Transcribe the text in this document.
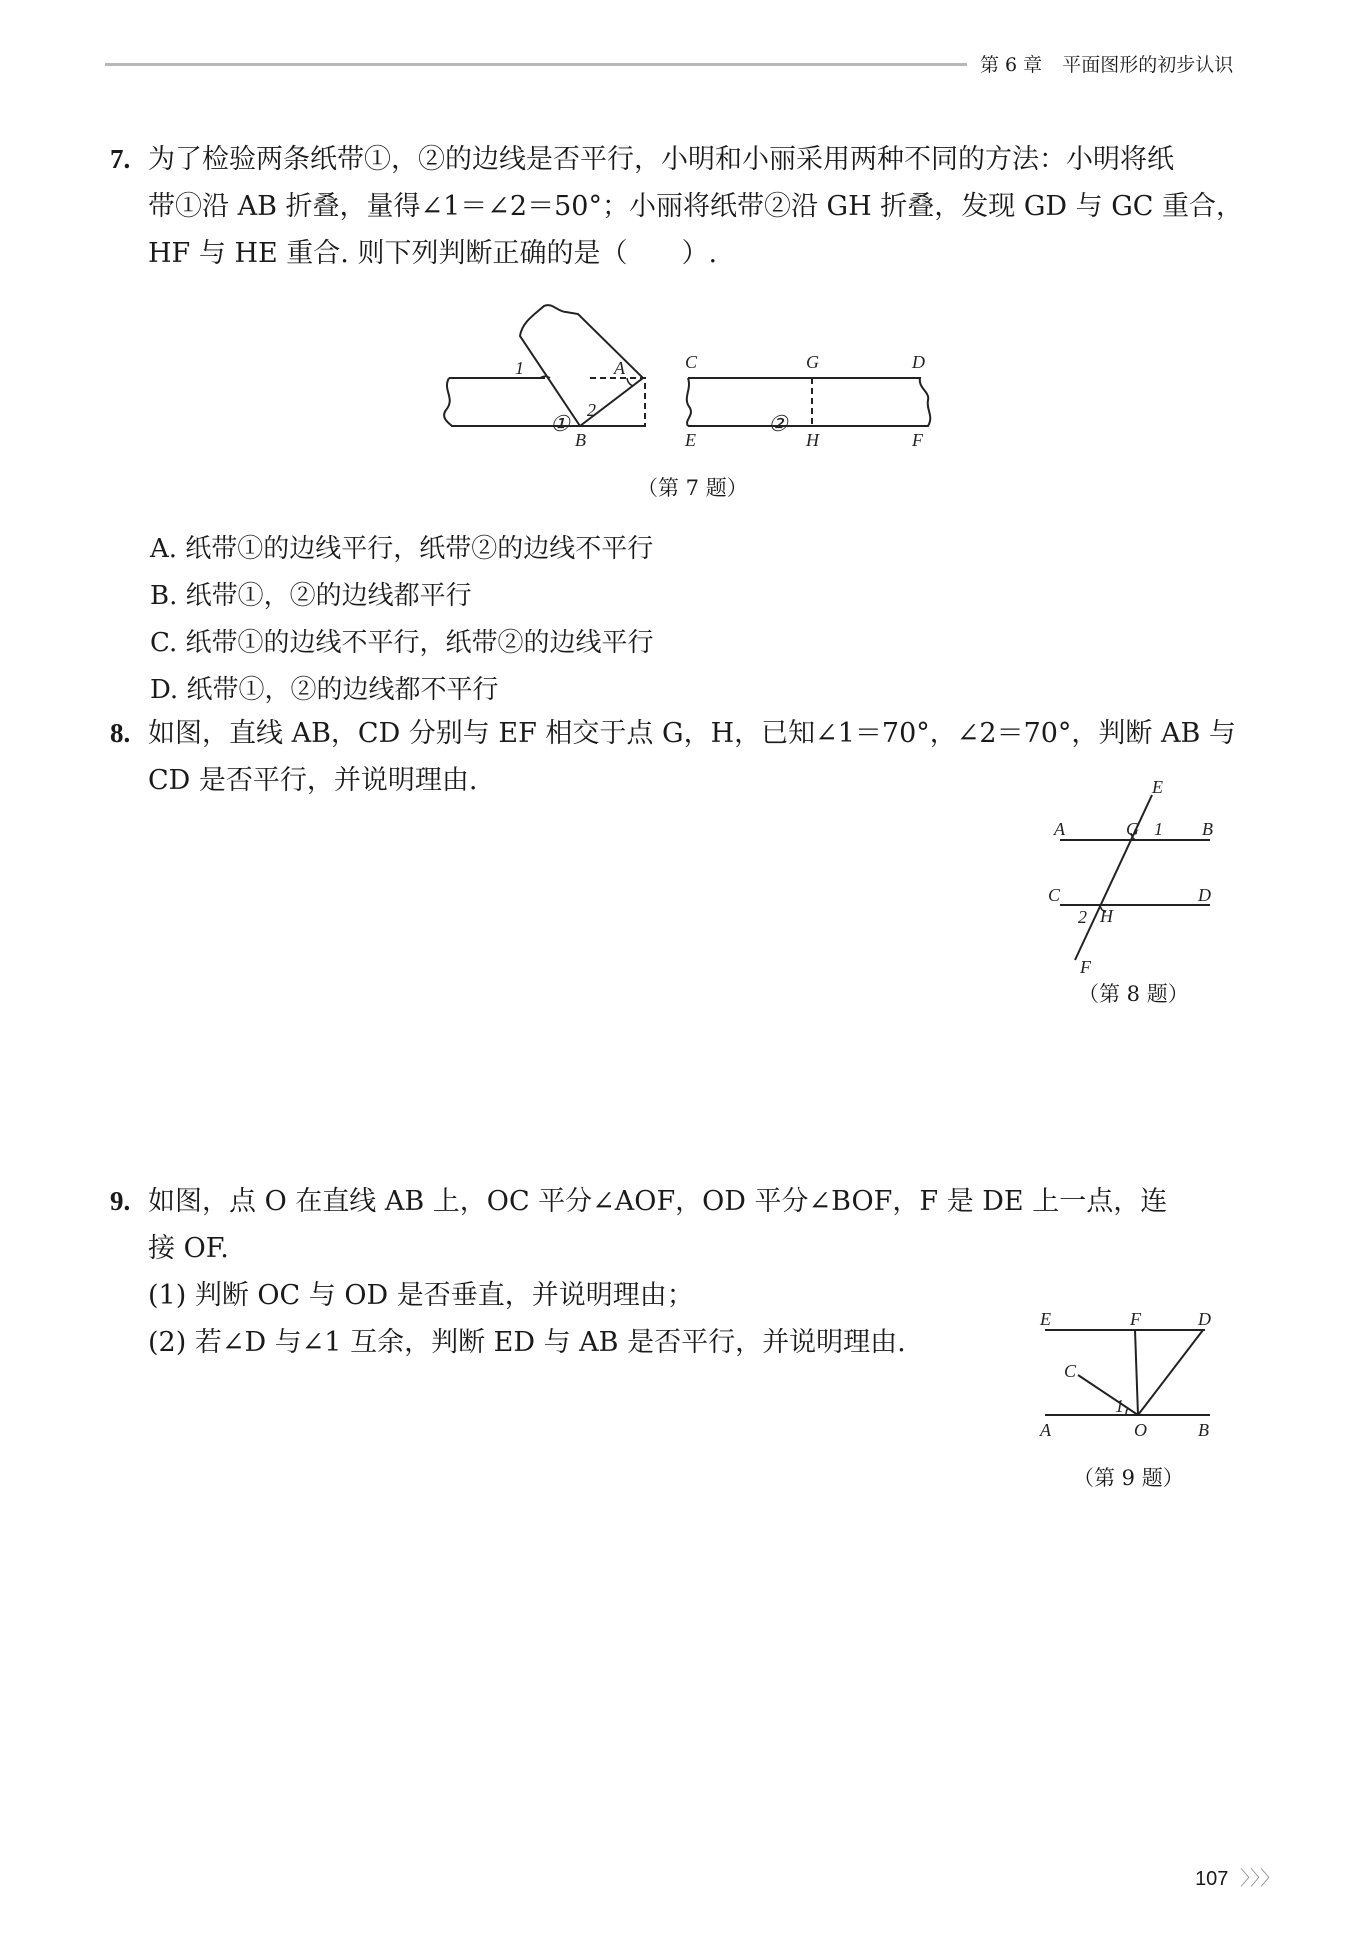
第 6 章 平面图形的初步认识
7. 为了检验两条纸带①，②的边线是否平行，小明和小丽采用两种不同的方法：小明将纸
带①沿 AB 折叠，量得∠1＝∠2＝50°；小丽将纸带②沿 GH 折叠，发现 GD 与 GC 重合，
HF 与 HE 重合. 则下列判断正确的是（　　）.
①	②
1
2
A
B
C	G	D
E	H	F
（第 7 题）
A. 纸带①的边线平行，纸带②的边线不平行
B. 纸带①，②的边线都平行
C. 纸带①的边线不平行，纸带②的边线平行
D. 纸带①，②的边线都不平行
8. 如图，直线 AB，CD 分别与 EF 相交于点 G，H，已知∠1＝70°，∠2＝70°，判断 AB 与
CD 是否平行，并说明理由.	E
A	G 1 B
C	D
2 H
F
（第 8 题）
9. 如图，点 O 在直线 AB 上，OC 平分∠AOF，OD 平分∠BOF，F 是 DE 上一点，连
接 OF.
(1) 判断 OC 与 OD 是否垂直，并说明理由；
(2) 若∠D 与∠1 互余，判断 ED 与 AB 是否平行，并说明理由.
E	F	D
C
1
A	O	B
（第 9 题）
107 〉〉〉
